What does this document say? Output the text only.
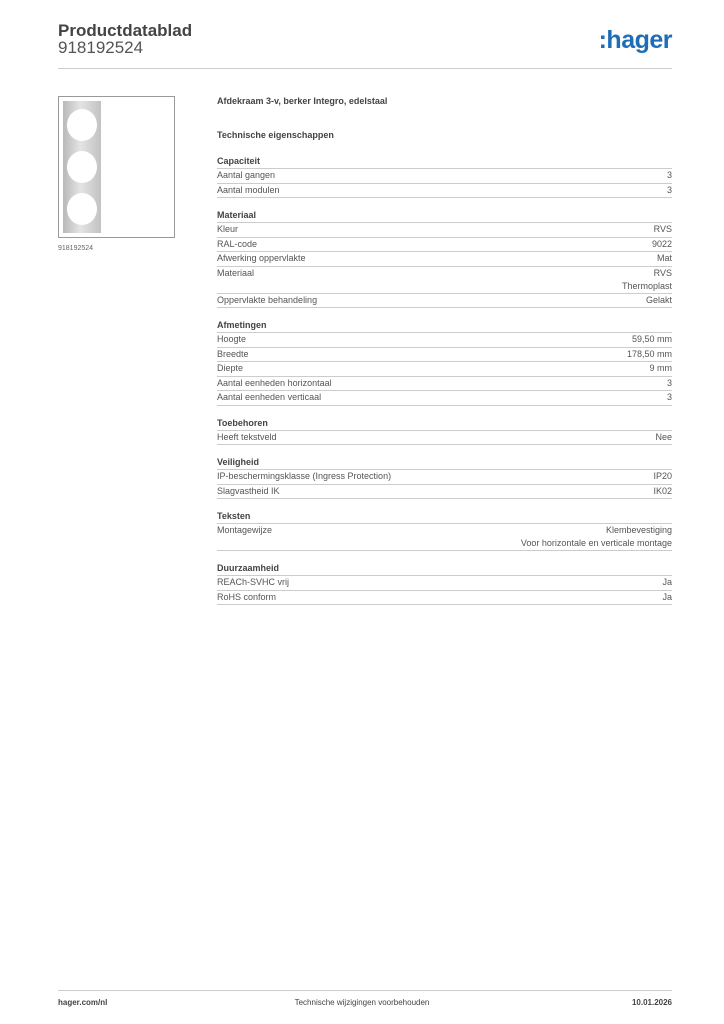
Productdatablad
918192524	:hager
918192524
Afdekraam 3-v, berker Integro, edelstaal
Technische eigenschappen
Capaciteit
Aantal gangen	3
Aantal modulen	3
Materiaal
Kleur	RVS
RAL-code	9022
Afwerking oppervlakte	Mat
Materiaal	RVS
Thermoplast
Oppervlakte behandeling	Gelakt
Afmetingen
Hoogte	59,50 mm
Breedte	178,50 mm
Diepte	9 mm
Aantal eenheden horizontaal	3
Aantal eenheden verticaal	3
Toebehoren
Heeft tekstveld	Nee
Veiligheid
IP-beschermingsklasse (Ingress Protection)	IP20
Slagvastheid IK	IK02
Teksten
Montagewijze	Klembevestiging
Voor horizontale en verticale montage
Duurzaamheid
REACh-SVHC vrij	Ja
RoHS conform	Ja
hager.com/nl	Technische wijzigingen voorbehouden	10.01.2026
